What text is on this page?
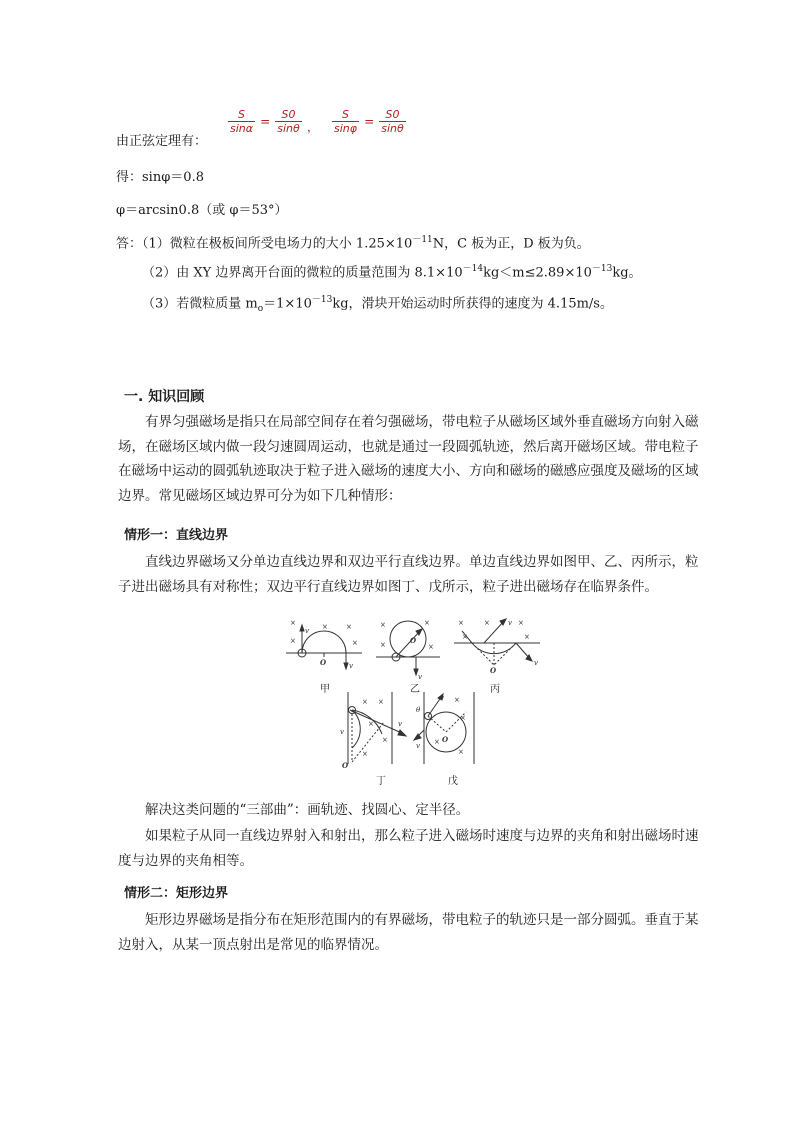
由正弦定理有：
$\frac{S}{\sin\alpha} = \frac{S0}{\sin\theta}$ ， $\frac{S}{\sin\varphi} = \frac{S0}{\sin\theta}$
得：sinφ＝0.8
φ＝arcsin0.8（或 φ＝53°）
答：（1）微粒在极板间所受电场力的大小 $1.25\times 10^{-11}N$，C 板为正，D 板为负。
（2）由 XY 边界离开台面的微粒的质量范围为 $8.1\times 10^{-14}kg<m\le 2.89\times 10^{-13}kg$。
（3）若微粒质量 $m_o=1\times 10^{-13}kg$，滑块开始运动时所获得的速度为 4.15m/s。
一. 知识回顾
有界匀强磁场是指只在局部空间存在着匀强磁场，带电粒子从磁场区域外垂直磁场方向射入磁场，在磁场区域内做一段匀速圆周运动，也就是通过一段圆弧轨迹，然后离开磁场区域。带电粒子在磁场中运动的圆弧轨迹取决于粒子进入磁场的速度大小、方向和磁场的磁感应强度及磁场的区域边界。常见磁场区域边界可分为如下几种情形：
情形一：直线边界
直线边界磁场又分单边直线边界和双边平行直线边界。单边直线边界如图甲、乙、丙所示，粒子进出磁场具有对称性；双边平行直线边界如图丁、戊所示，粒子进出磁场存在临界条件。
×	×	×
×	×
v
O	v
×	×
×	×
O
v
×	×	×
×	×
v
O
v
甲	乙	丙
× ×
×
×
×
v
v
O
×
×
×
×
θ
v
v
O
丁	戊
解决这类问题的“三部曲”：画轨迹、找圆心、定半径。
如果粒子从同一直线边界射入和射出，那么粒子进入磁场时速度与边界的夹角和射出磁场时速度与边界的夹角相等。
情形二：矩形边界
矩形边界磁场是指分布在矩形范围内的有界磁场，带电粒子的轨迹只是一部分圆弧。垂直于某边射入，从某一顶点射出是常见的临界情况。
